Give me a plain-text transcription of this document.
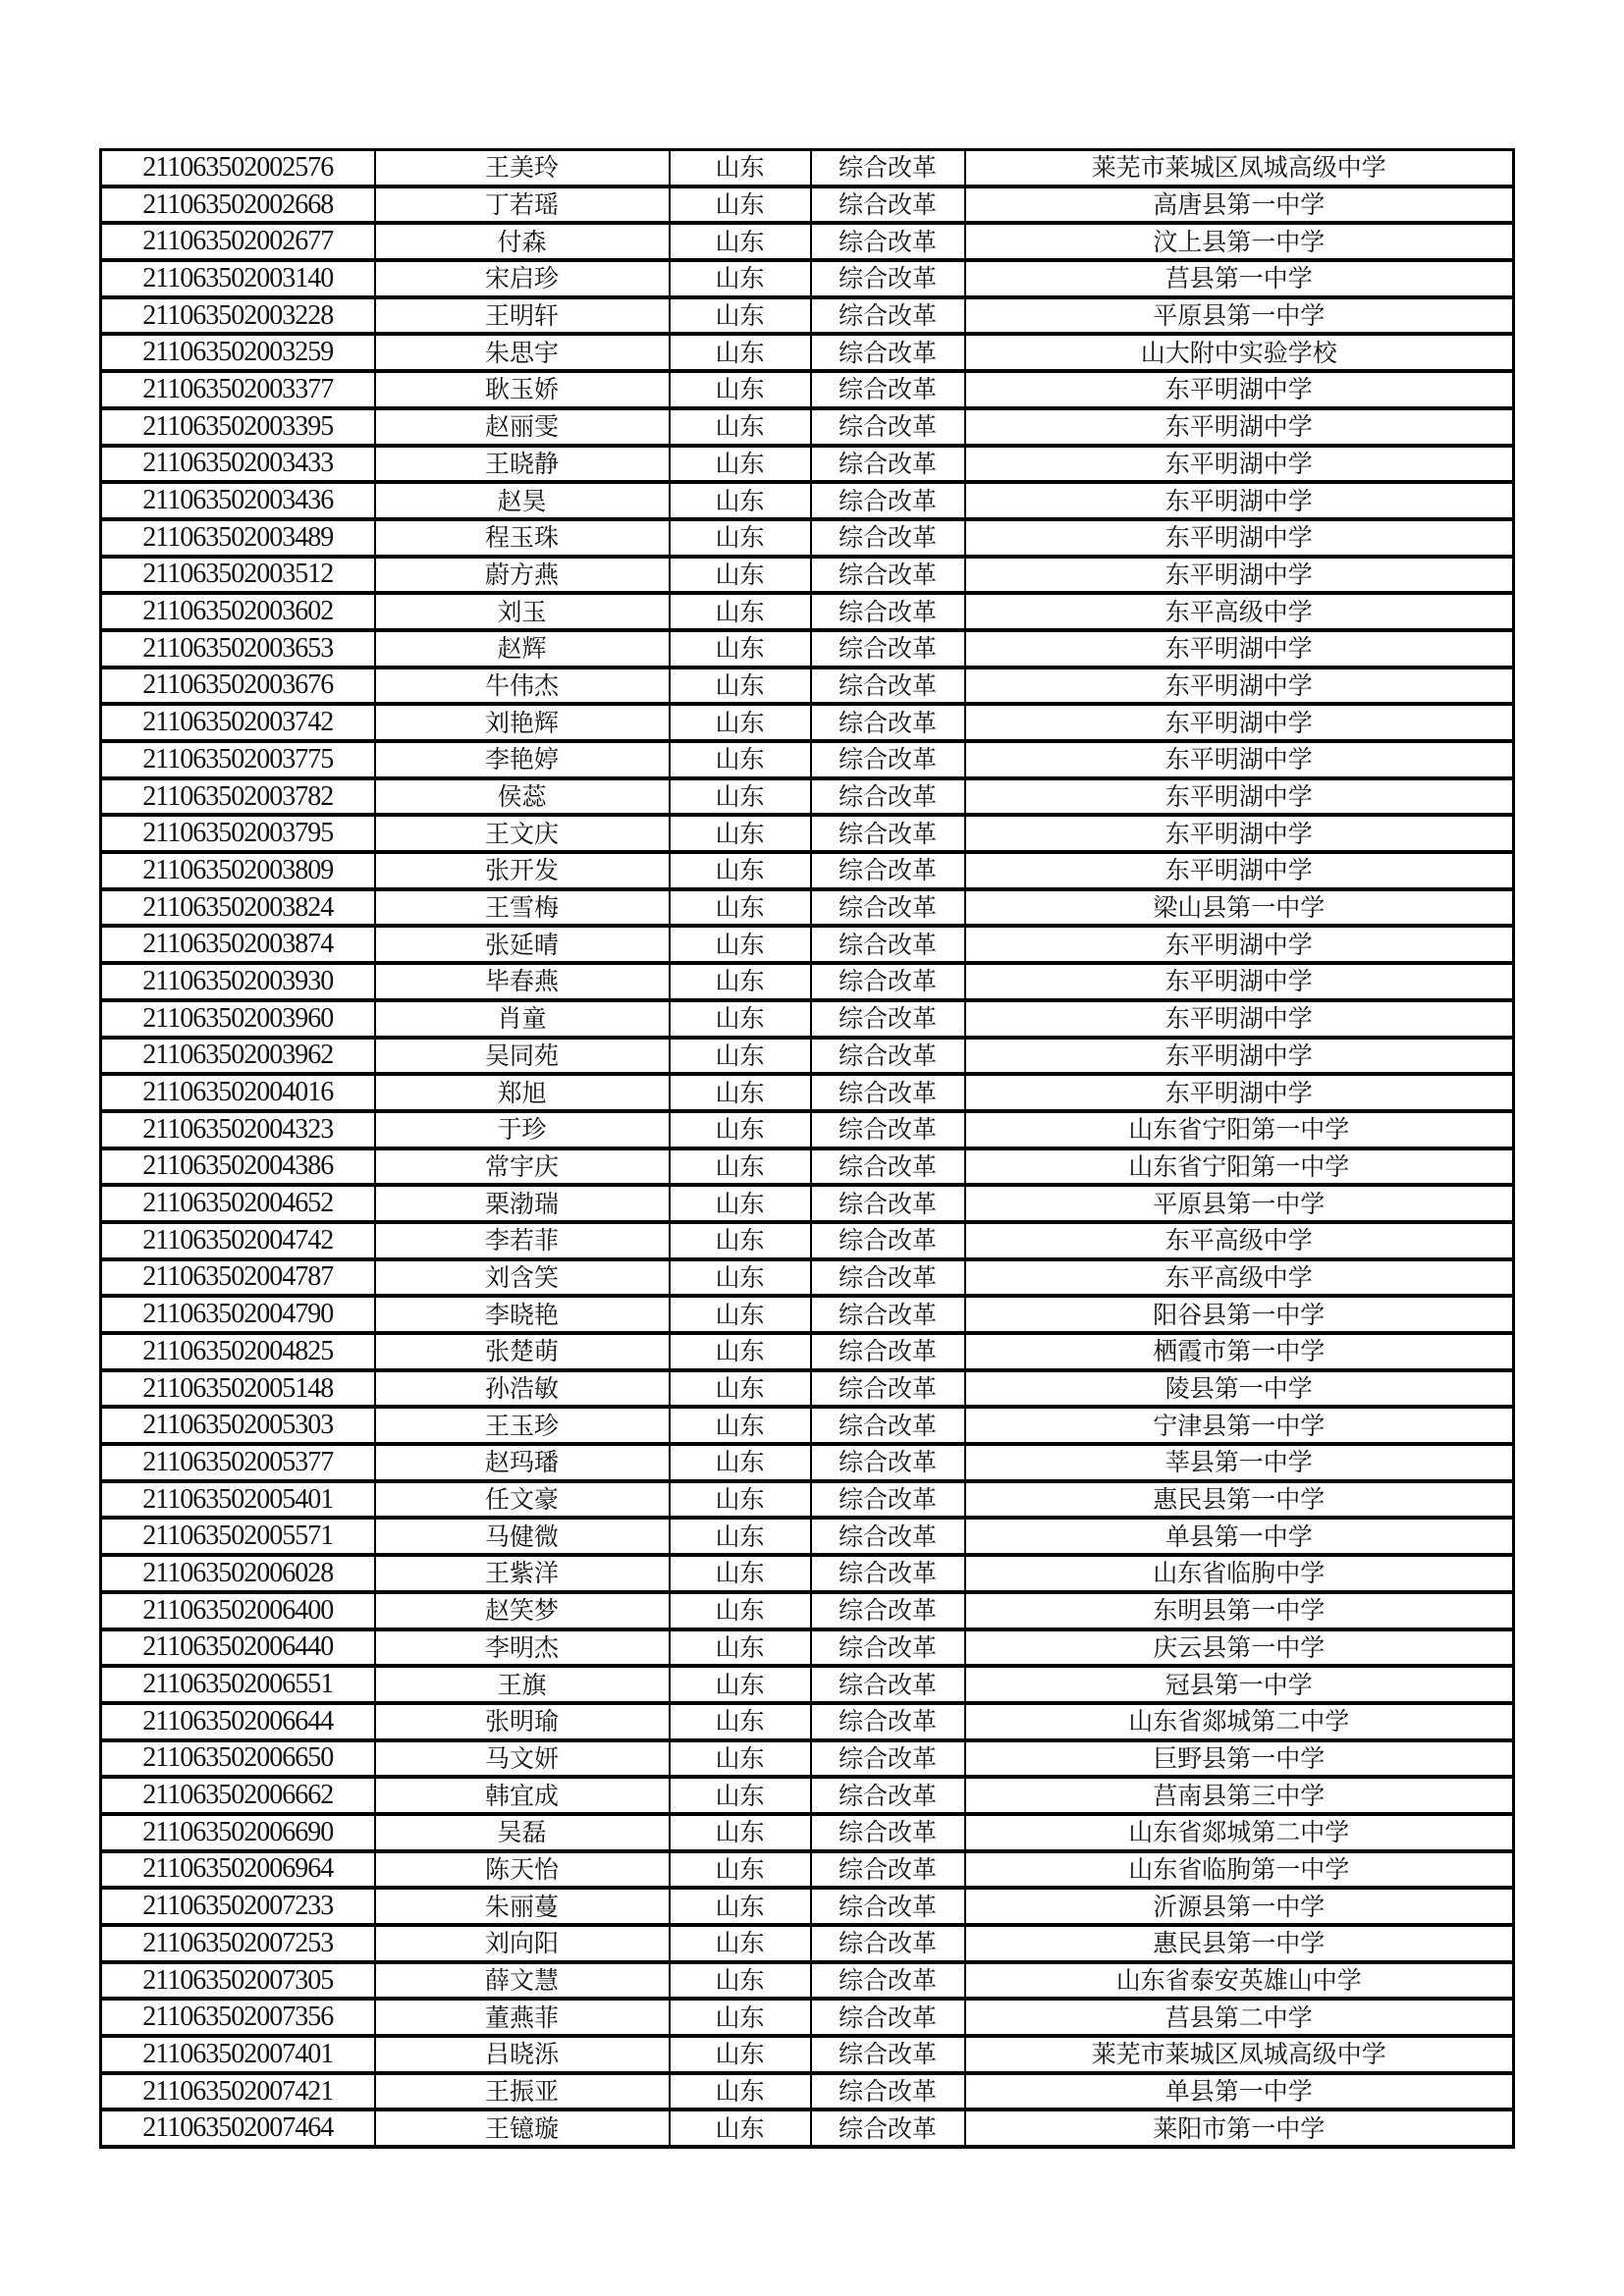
211063502002576	王美玲	山东	综合改革	莱芜市莱城区凤城高级中学
211063502002668	丁若瑶	山东	综合改革	高唐县第一中学
211063502002677	付森	山东	综合改革	汶上县第一中学
211063502003140	宋启珍	山东	综合改革	莒县第一中学
211063502003228	王明轩	山东	综合改革	平原县第一中学
211063502003259	朱思宇	山东	综合改革	山大附中实验学校
211063502003377	耿玉娇	山东	综合改革	东平明湖中学
211063502003395	赵丽雯	山东	综合改革	东平明湖中学
211063502003433	王晓静	山东	综合改革	东平明湖中学
211063502003436	赵昊	山东	综合改革	东平明湖中学
211063502003489	程玉珠	山东	综合改革	东平明湖中学
211063502003512	蔚方燕	山东	综合改革	东平明湖中学
211063502003602	刘玉	山东	综合改革	东平高级中学
211063502003653	赵辉	山东	综合改革	东平明湖中学
211063502003676	牛伟杰	山东	综合改革	东平明湖中学
211063502003742	刘艳辉	山东	综合改革	东平明湖中学
211063502003775	李艳婷	山东	综合改革	东平明湖中学
211063502003782	侯蕊	山东	综合改革	东平明湖中学
211063502003795	王文庆	山东	综合改革	东平明湖中学
211063502003809	张开发	山东	综合改革	东平明湖中学
211063502003824	王雪梅	山东	综合改革	梁山县第一中学
211063502003874	张延晴	山东	综合改革	东平明湖中学
211063502003930	毕春燕	山东	综合改革	东平明湖中学
211063502003960	肖童	山东	综合改革	东平明湖中学
211063502003962	吴同苑	山东	综合改革	东平明湖中学
211063502004016	郑旭	山东	综合改革	东平明湖中学
211063502004323	于珍	山东	综合改革	山东省宁阳第一中学
211063502004386	常宇庆	山东	综合改革	山东省宁阳第一中学
211063502004652	栗渤瑞	山东	综合改革	平原县第一中学
211063502004742	李若菲	山东	综合改革	东平高级中学
211063502004787	刘含笑	山东	综合改革	东平高级中学
211063502004790	李晓艳	山东	综合改革	阳谷县第一中学
211063502004825	张楚萌	山东	综合改革	栖霞市第一中学
211063502005148	孙浩敏	山东	综合改革	陵县第一中学
211063502005303	王玉珍	山东	综合改革	宁津县第一中学
211063502005377	赵玛璠	山东	综合改革	莘县第一中学
211063502005401	任文豪	山东	综合改革	惠民县第一中学
211063502005571	马健微	山东	综合改革	单县第一中学
211063502006028	王紫洋	山东	综合改革	山东省临朐中学
211063502006400	赵笑梦	山东	综合改革	东明县第一中学
211063502006440	李明杰	山东	综合改革	庆云县第一中学
211063502006551	王旗	山东	综合改革	冠县第一中学
211063502006644	张明瑜	山东	综合改革	山东省郯城第二中学
211063502006650	马文妍	山东	综合改革	巨野县第一中学
211063502006662	韩宜成	山东	综合改革	莒南县第三中学
211063502006690	吴磊	山东	综合改革	山东省郯城第二中学
211063502006964	陈天怡	山东	综合改革	山东省临朐第一中学
211063502007233	朱丽蔓	山东	综合改革	沂源县第一中学
211063502007253	刘向阳	山东	综合改革	惠民县第一中学
211063502007305	薛文慧	山东	综合改革	山东省泰安英雄山中学
211063502007356	董燕菲	山东	综合改革	莒县第二中学
211063502007401	吕晓泺	山东	综合改革	莱芜市莱城区凤城高级中学
211063502007421	王振亚	山东	综合改革	单县第一中学
211063502007464	王镱璇	山东	综合改革	莱阳市第一中学
